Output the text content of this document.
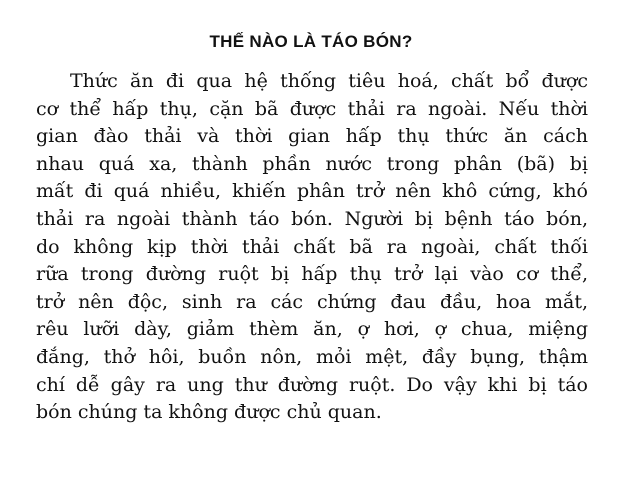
THẾ NÀO LÀ TÁO BÓN?

Thức ăn đi qua hệ thống tiêu hoá, chất bổ được
cơ thể hấp thụ, cặn bã được thải ra ngoài. Nếu thời
gian đào thải và thời gian hấp thụ thức ăn cách
nhau quá xa, thành phần nước trong phân (bã) bị
mất đi quá nhiều, khiến phân trở nên khô cứng, khó
thải ra ngoài thành táo bón. Người bị bệnh táo bón,
do không kịp thời thải chất bã ra ngoài, chất thối
rữa trong đường ruột bị hấp thụ trở lại vào cơ thể,
trở nên độc, sinh ra các chứng đau đầu, hoa mắt,
rêu lưỡi dày, giảm thèm ăn, ợ hơi, ợ chua, miệng
đắng, thở hôi, buồn nôn, mỏi mệt, đầy bụng, thậm
chí dễ gây ra ung thư đường ruột. Do vậy khi bị táo
bón chúng ta không được chủ quan.
